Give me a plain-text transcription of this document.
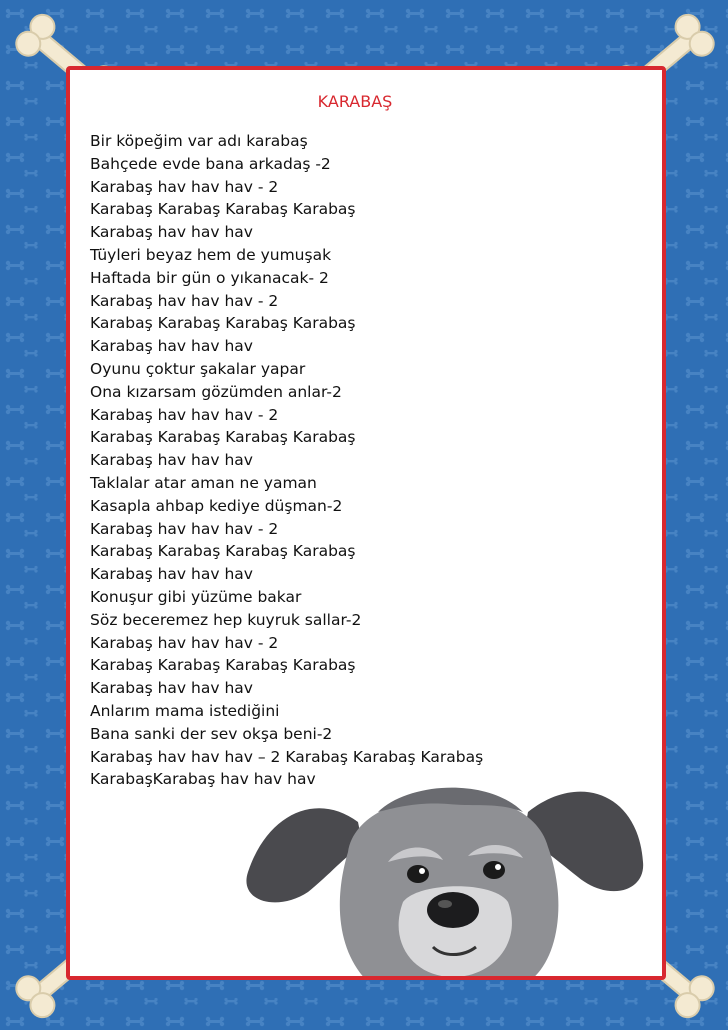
KARABAŞ
Bir köpeğim var adı karabaş
Bahçede evde bana arkadaş -2
Karabaş hav hav hav - 2
Karabaş Karabaş Karabaş Karabaş
Karabaş hav hav hav
Tüyleri beyaz hem de yumuşak
Haftada bir gün o yıkanacak- 2
Karabaş hav hav hav - 2
Karabaş Karabaş Karabaş Karabaş
Karabaş hav hav hav
Oyunu çoktur şakalar yapar
Ona kızarsam gözümden anlar-2
Karabaş hav hav hav - 2
Karabaş Karabaş Karabaş Karabaş
Karabaş hav hav hav
Taklalar atar aman ne yaman
Kasapla ahbap kediye düşman-2
Karabaş hav hav hav - 2
Karabaş Karabaş Karabaş Karabaş
Karabaş hav hav hav
Konuşur gibi yüzüme bakar
Söz beceremez hep kuyruk sallar-2
Karabaş hav hav hav - 2
Karabaş Karabaş Karabaş Karabaş
Karabaş hav hav hav
Anlarım mama istediğini
Bana sanki der sev okşa beni-2
Karabaş hav hav hav – 2 Karabaş Karabaş Karabaş
KarabaşKarabaş hav hav hav
